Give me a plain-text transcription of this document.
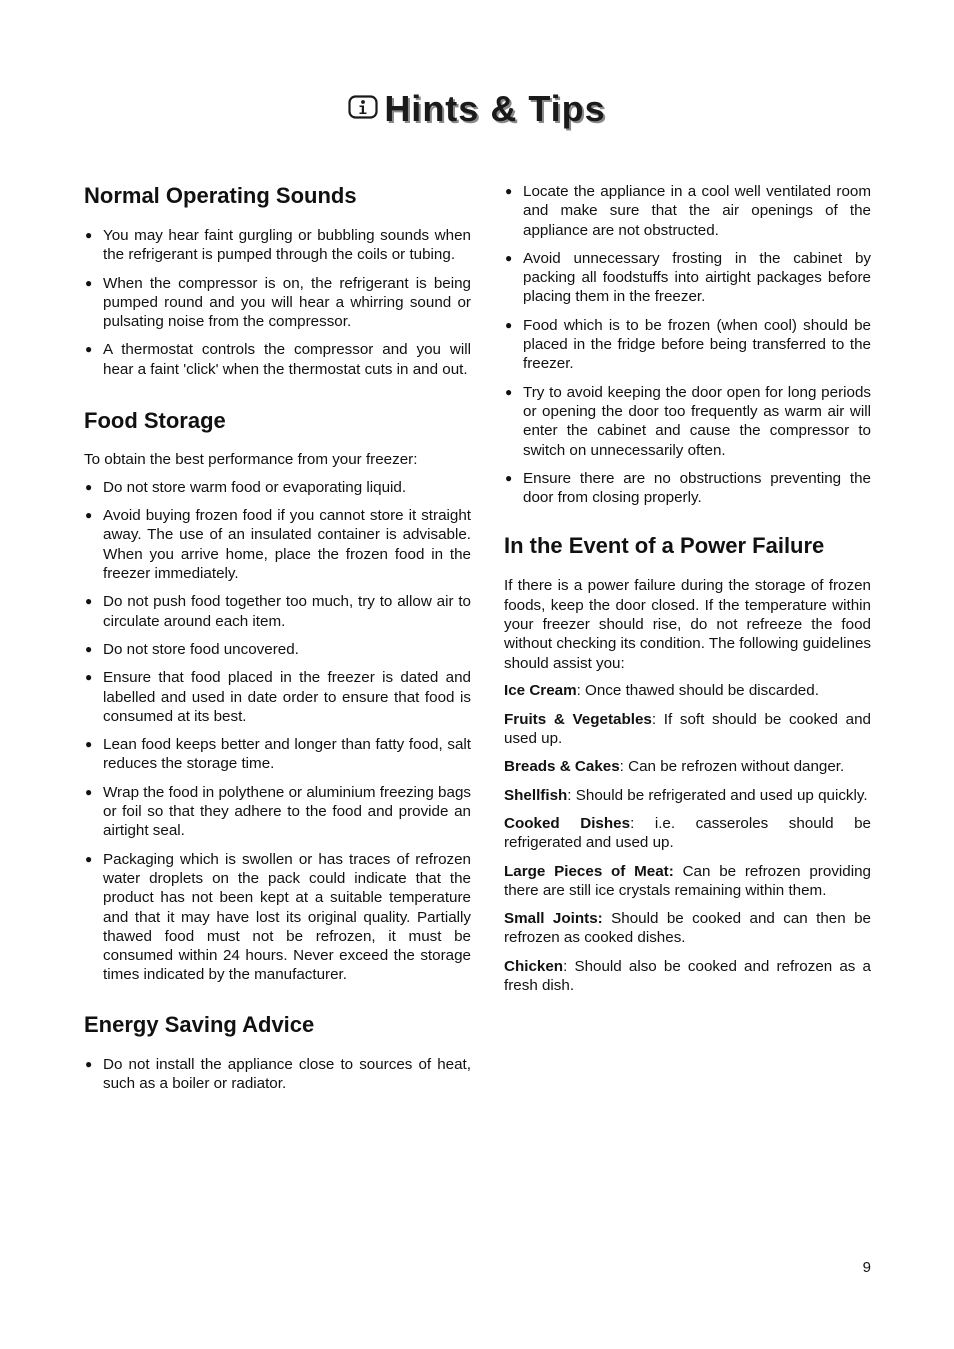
Hints & Tips
Normal Operating Sounds
● You may hear faint gurgling or bubbling sounds when the refrigerant is pumped through the coils or tubing.
● When the compressor is on, the refrigerant is being pumped round and you will hear a whirring sound or pulsating noise from the compressor.
● A thermostat controls the compressor and you will hear a faint 'click' when the thermostat cuts in and out.
Food Storage

To obtain the best performance from your freezer:

● Do not store warm food or evaporating liquid.
● Avoid buying frozen food if you cannot store it straight away. The use of an insulated container is advisable. When you arrive home, place the frozen food in the freezer immediately.
● Do not push food together too much, try to allow air to circulate around each item.
● Do not store food uncovered.
● Ensure that food placed in the freezer is dated and labelled and used in date order to ensure that food is consumed at its best.
● Lean food keeps better and longer than fatty food, salt reduces the storage time.
● Wrap the food in polythene or aluminium freezing bags or foil so that they adhere to the food and provide an airtight seal.
● Packaging which is swollen or has traces of refrozen water droplets on the pack could indicate that the product has not been kept at a suitable temperature and that it may have lost its original quality. Partially thawed food must not be refrozen, it must be consumed within 24 hours. Never exceed the storage times indicated by the manufacturer.
Energy Saving Advice
● Do not install the appliance close to sources of heat, such as a boiler or radiator.
● Locate the appliance in a cool well ventilated room and make sure that the air openings of the appliance are not obstructed.
● Avoid unnecessary frosting in the cabinet by packing all foodstuffs into airtight packages before placing them in the freezer.
● Food which is to be frozen (when cool) should be placed in the fridge before being transferred to the freezer.
● Try to avoid keeping the door open for long periods or opening the door too frequently as warm air will enter the cabinet and cause the compressor to switch on unnecessarily often.
● Ensure there are no obstructions preventing the door from closing properly.
In the Event of a Power Failure

If there is a power failure during the storage of frozen foods, keep the door closed. If the temperature within your freezer should rise, do not refreeze the food without checking its condition. The following guidelines should assist you:

Ice Cream: Once thawed should be discarded.

Fruits & Vegetables: If soft should be cooked and used up.

Breads & Cakes: Can be refrozen without danger.

Shellfish: Should be refrigerated and used up quickly.

Cooked Dishes: i.e. casseroles should be refrigerated and used up.

Large Pieces of Meat: Can be refrozen providing there are still ice crystals remaining within them.

Small Joints: Should be cooked and can then be refrozen as cooked dishes.

Chicken: Should also be cooked and refrozen as a fresh dish.

9
